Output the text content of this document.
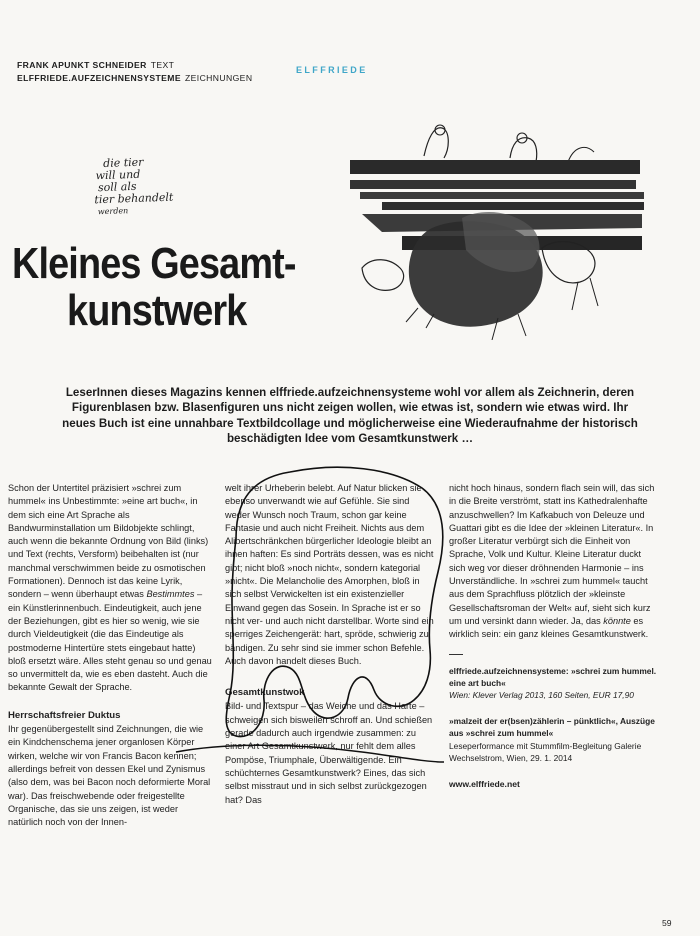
FRANK APUNKT SCHNEIDER TEXT
ELFFRIEDE.AUFZEICHNENSYSTEME ZEICHNUNGEN
ELFFRIEDE
die tier
will und
soll als
tier behandelt
werden
Kleines Gesamt-
kunstwerk
LeserInnen dieses Magazins kennen elffriede.aufzeichnensysteme wohl vor allem als Zeichnerin, deren Figurenblasen bzw. Blasenfiguren uns nicht zeigen wollen, wie etwas ist, sondern wie etwas wird. Ihr neues Buch ist eine unnahbare Textbildcollage und möglicherweise eine Wiederaufnahme der historisch beschädigten Idee vom Gesamtkunstwerk …

Schon der Untertitel präzisiert »schrei zum hummel« ins Unbestimmte: »eine art buch«, in dem sich eine Art Sprache als Bandwurminstallation um Bildobjekte schlingt, auch wenn die bekannte Ordnung von Bild (links) und Text (rechts, Versform) beibehalten ist (nur manchmal verschwimmen beide zu osmotischen Formationen). Dennoch ist das keine Lyrik, sondern – wenn überhaupt etwas Bestimmtes – ein Künstlerinnenbuch. Eindeutigkeit, auch jene der Beziehungen, gibt es hier so wenig, wie sie durch Vieldeutigkeit (die das Eindeutige als postmoderne Hintertüre stets eingebaut hatte) bloß ersetzt wäre. Alles steht genau so und genau so unvermittelt da, wie es eben dasteht. Auch die bekannte Gewalt der Sprache.

Herrschaftsfreier Duktus

Ihr gegenübergestellt sind Zeichnungen, die wie ein Kindchenschema jener organlosen Körper wirken, welche wir von Francis Bacon kennen; allerdings befreit von dessen Ekel und Zynismus (also dem, was bei Bacon noch deformierte Moral war). Das freischwebende oder freigestellte Organische, das sie uns zeigen, ist weder natürlich noch von der Innen-

welt ihrer Urheberin belebt. Auf Natur blicken sie ebenso unverwandt wie auf Gefühle. Sie sind weder Wunsch noch Traum, schon gar keine Fantasie und auch nicht Freiheit. Nichts aus dem Alibertschränkchen bürgerlicher Ideologie bleibt an ihnen haften: Es sind Porträts dessen, was es nicht gibt; nicht bloß »noch nicht«, sondern kategorial »nicht«. Die Melancholie des Amorphen, bloß in sich selbst Verwickelten ist ein existenzieller Einwand gegen das Sosein. In Sprache ist er so nicht ver- und auch nicht darstellbar. Worte sind ein sperriges Zeichengerät: hart, spröde, schwierig zu bändigen. Zu sehr sind sie immer schon Befehle. Auch davon handelt dieses Buch.

Gesamtkunstwok

Bild- und Textspur – das Weiche und das Harte – schweigen sich bisweilen schroff an. Und schießen gerade dadurch auch irgendwie zusammen: zu einer Art Gesamtkunstwerk, nur fehlt dem alles Pompöse, Triumphale, Überwältigende. Ein schüchternes Gesamtkunstwerk? Eines, das sich selbst misstraut und in sich selbst zurückgezogen hat? Das

nicht hoch hinaus, sondern flach sein will, das sich in die Breite verströmt, statt ins Kathedralenhafte anzuschwellen? Im Kafkabuch von Deleuze und Guattari gibt es die Idee der »kleinen Literatur«. In großer Literatur verbürgt sich die Einheit von Sprache, Volk und Kultur. Kleine Literatur duckt sich weg vor dieser dröhnenden Harmonie – ins Unverständliche. In »schrei zum hummel« taucht aus dem Sprachfluss plötzlich der »kleinste Gesellschaftsroman der Welt« auf, sieht sich kurz um und versinkt dann wieder. Ja, das könnte es wirklich sein: ein ganz kleines Gesamtkunstwerk.

elffriede.aufzeichnensysteme: »schrei zum hummel. eine art buch«
Wien: Klever Verlag 2013, 160 Seiten, EUR 17,90
»malzeit der er(bsen)zählerin – pünktlich«, Auszüge aus »schrei zum hummel«
Leseperformance mit Stummfilm-Begleitung Galerie Wechselstrom, Wien, 29. 1. 2014
www.elffriede.net
59
